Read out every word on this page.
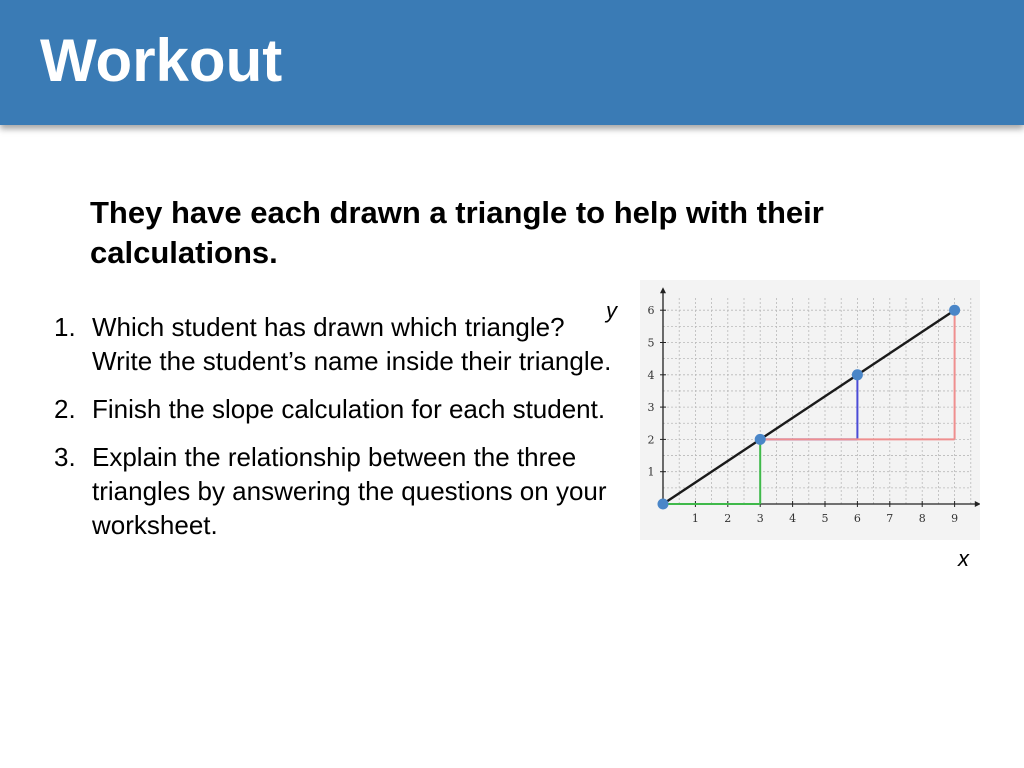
Workout
They have each drawn a triangle to help with their calculations.
1. Which student has drawn which triangle? Write the student’s name inside their triangle.
2. Finish the slope calculation for each student.
3. Explain the relationship between the three triangles by answering the questions on your worksheet.
y
x
1 2 3 4 5 6 7 8 9
1
2
3
4
5
6
